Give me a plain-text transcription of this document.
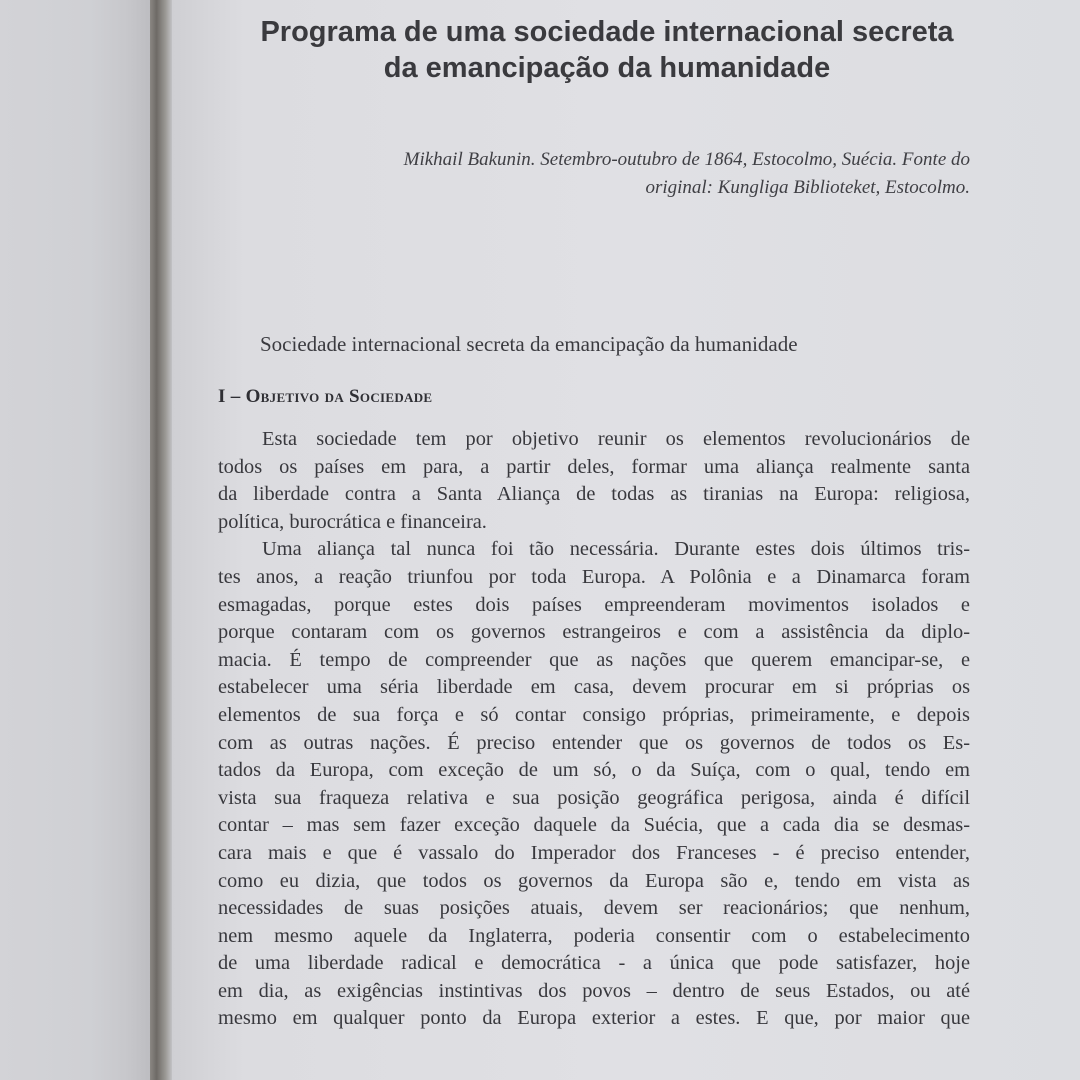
Programa de uma sociedade internacional secreta
da emancipação da humanidade
Mikhail Bakunin. Setembro-outubro de 1864, Estocolmo, Suécia. Fonte do
original: Kungliga Biblioteket, Estocolmo.
Sociedade internacional secreta da emancipação da humanidade
I – Objetivo da Sociedade
Esta sociedade tem por objetivo reunir os elementos revolucionários de
todos os países em para, a partir deles, formar uma aliança realmente santa
da liberdade contra a Santa Aliança de todas as tiranias na Europa: religiosa,
política, burocrática e financeira.
Uma aliança tal nunca foi tão necessária. Durante estes dois últimos tris-
tes anos, a reação triunfou por toda Europa. A Polônia e a Dinamarca foram
esmagadas, porque estes dois países empreenderam movimentos isolados e
porque contaram com os governos estrangeiros e com a assistência da diplo-
macia. É tempo de compreender que as nações que querem emancipar-se, e
estabelecer uma séria liberdade em casa, devem procurar em si próprias os
elementos de sua força e só contar consigo próprias, primeiramente, e depois
com as outras nações. É preciso entender que os governos de todos os Es-
tados da Europa, com exceção de um só, o da Suíça, com o qual, tendo em
vista sua fraqueza relativa e sua posição geográfica perigosa, ainda é difícil
contar – mas sem fazer exceção daquele da Suécia, que a cada dia se desmas-
cara mais e que é vassalo do Imperador dos Franceses - é preciso entender,
como eu dizia, que todos os governos da Europa são e, tendo em vista as
necessidades de suas posições atuais, devem ser reacionários; que nenhum,
nem mesmo aquele da Inglaterra, poderia consentir com o estabelecimento
de uma liberdade radical e democrática - a única que pode satisfazer, hoje
em dia, as exigências instintivas dos povos – dentro de seus Estados, ou até
mesmo em qualquer ponto da Europa exterior a estes. E que, por maior que
